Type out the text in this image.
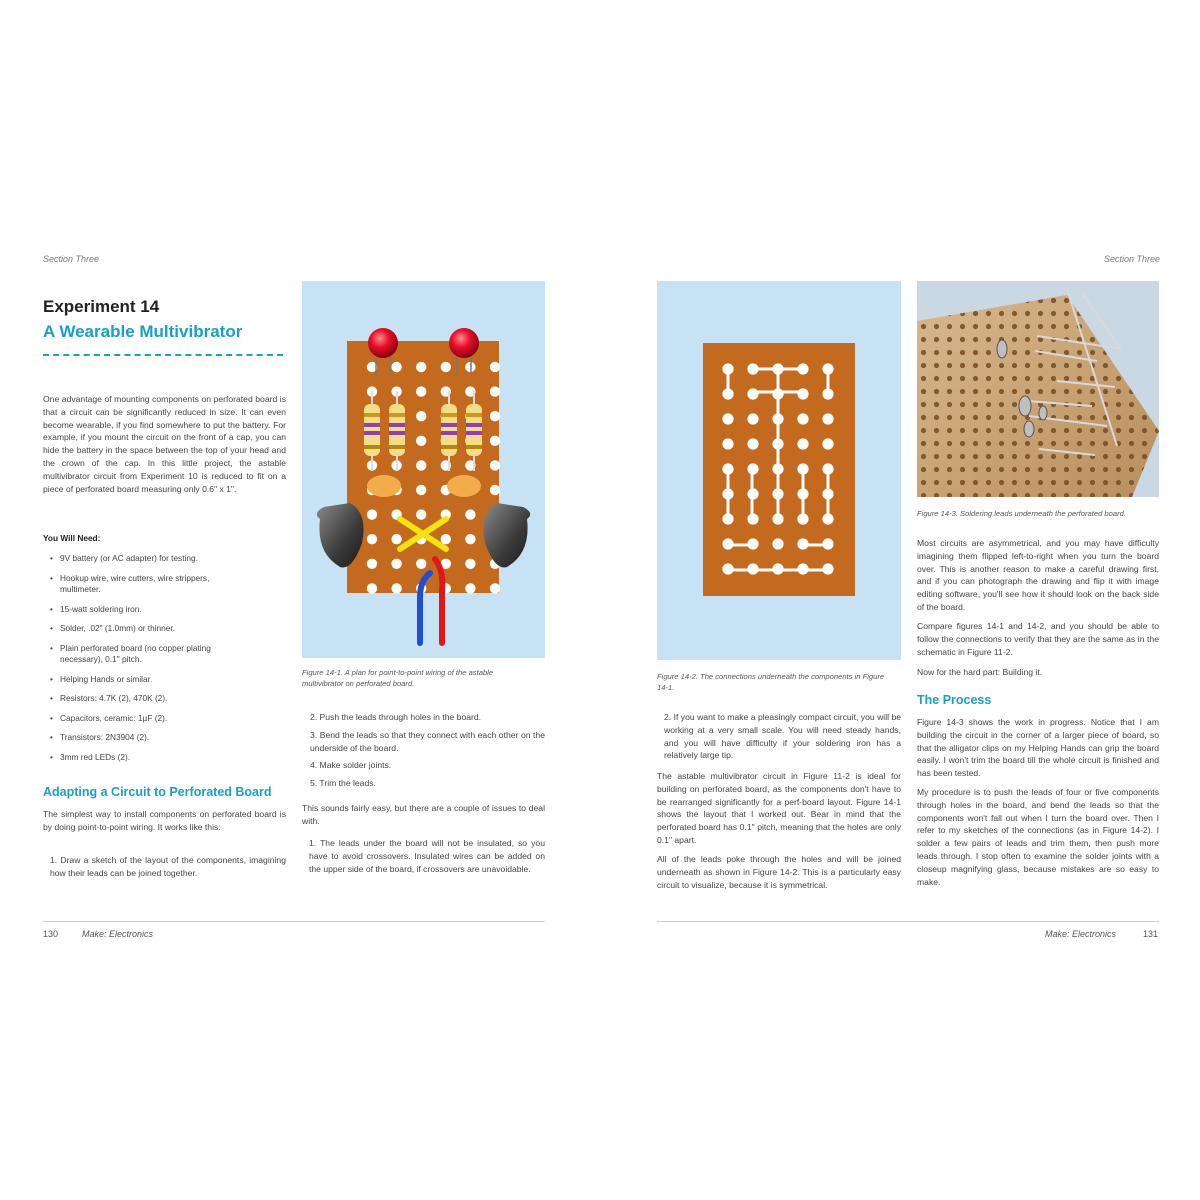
Section Three
Experiment 14
A Wearable Multivibrator
One advantage of mounting components on perforated board is that a circuit can be significantly reduced in size. It can even become wearable, if you find somewhere to put the battery. For example, if you mount the circuit on the front of a cap, you can hide the battery in the space between the top of your head and the crown of the cap. In this little project, the astable multivibrator circuit from Experiment 10 is reduced to fit on a piece of perforated board measuring only 0.6" x 1".
You Will Need:
• 9V battery (or AC adapter) for testing.
• Hookup wire, wire cutters, wire strippers, multimeter.
• 15-watt soldering iron.
• Solder, .02" (1.0mm) or thinner.
• Plain perforated board (no copper plating necessary), 0.1" pitch.
• Helping Hands or similar.
• Resistors: 4.7K (2), 470K (2).
• Capacitors, ceramic: 1µF (2).
• Transistors: 2N3904 (2).
• 3mm red LEDs (2).
Adapting a Circuit to Perforated Board
The simplest way to install components on perforated board is by doing point-to-point wiring. It works like this:
1. Draw a sketch of the layout of the components, imagining how their leads can be joined together.
Figure 14-1. A plan for point-to-point wiring of the astable multivibrator on perforated board.
2. Push the leads through holes in the board.
3. Bend the leads so that they connect with each other on the underside of the board.
4. Make solder joints.
5. Trim the leads.
This sounds fairly easy, but there are a couple of issues to deal with.
1. The leads under the board will not be insulated, so you have to avoid crossovers. Insulated wires can be added on the upper side of the board, if crossovers are unavoidable.
130	Make: Electronics
Section Three
Figure 14-2. The connections underneath the components in Figure 14-1.
Figure 14-3. Soldering leads underneath the perforated board.
2. If you want to make a pleasingly compact circuit, you will be working at a very small scale. You will need steady hands, and you will have difficulty if your soldering iron has a relatively large tip.
The astable multivibrator circuit in Figure 11-2 is ideal for building on perforated board, as the components don't have to be rearranged significantly for a perf-board layout. Figure 14-1 shows the layout that I worked out. Bear in mind that the perforated board has 0.1" pitch, meaning that the holes are only 0.1" apart.
All of the leads poke through the holes and will be joined underneath as shown in Figure 14-2. This is a particularly easy circuit to visualize, because it is symmetrical.
Most circuits are asymmetrical, and you may have difficulty imagining them flipped left-to-right when you turn the board over. This is another reason to make a careful drawing first, and if you can photograph the drawing and flip it with image editing software, you'll see how it should look on the back side of the board.
Compare figures 14-1 and 14-2, and you should be able to follow the connections to verify that they are the same as in the schematic in Figure 11-2.
Now for the hard part: Building it.
The Process
Figure 14-3 shows the work in progress. Notice that I am building the circuit in the corner of a larger piece of board, so that the alligator clips on my Helping Hands can grip the board easily. I won't trim the board till the whole circuit is finished and has been tested.
My procedure is to push the leads of four or five components through holes in the board, and bend the leads so that the components won't fall out when I turn the board over. Then I refer to my sketches of the connections (as in Figure 14-2). I solder a few pairs of leads and trim them, then push more leads through. I stop often to examine the solder joints with a closeup magnifying glass, because mistakes are so easy to make.
Make: Electronics	131
